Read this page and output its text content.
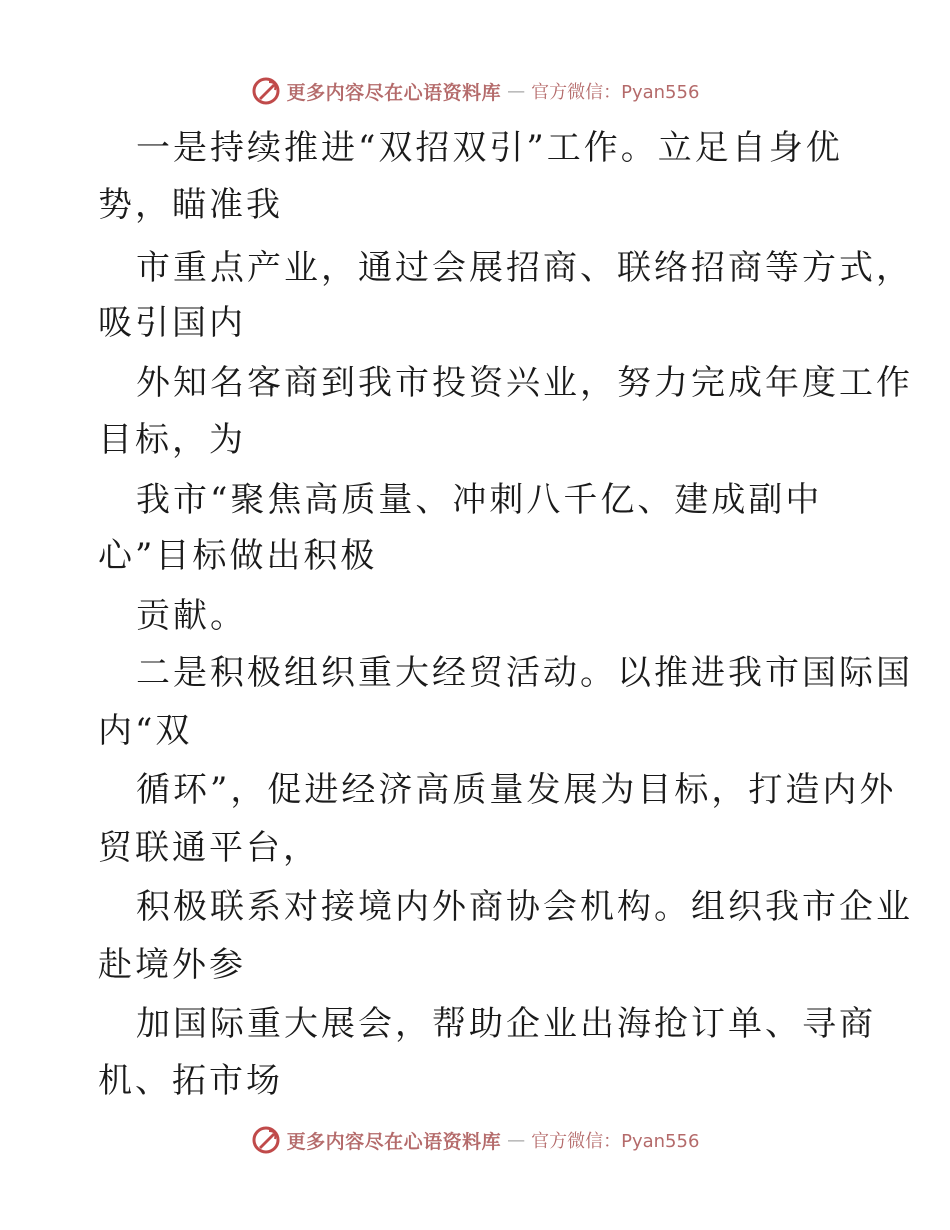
更多内容尽在心语资料库 — 官方微信：Pyan556
一是持续推进“双招双引”工作。立足自身优
势，瞄准我
市重点产业，通过会展招商、联络招商等方式，
吸引国内
外知名客商到我市投资兴业，努力完成年度工作
目标，为
我市“聚焦高质量、冲刺八千亿、建成副中
心”目标做出积极
贡献。
二是积极组织重大经贸活动。以推进我市国际国
内“双
循环”，促进经济高质量发展为目标，打造内外
贸联通平台，
积极联系对接境内外商协会机构。组织我市企业
赴境外参
加国际重大展会，帮助企业出海抢订单、寻商
机、拓市场
更多内容尽在心语资料库 — 官方微信：Pyan556
